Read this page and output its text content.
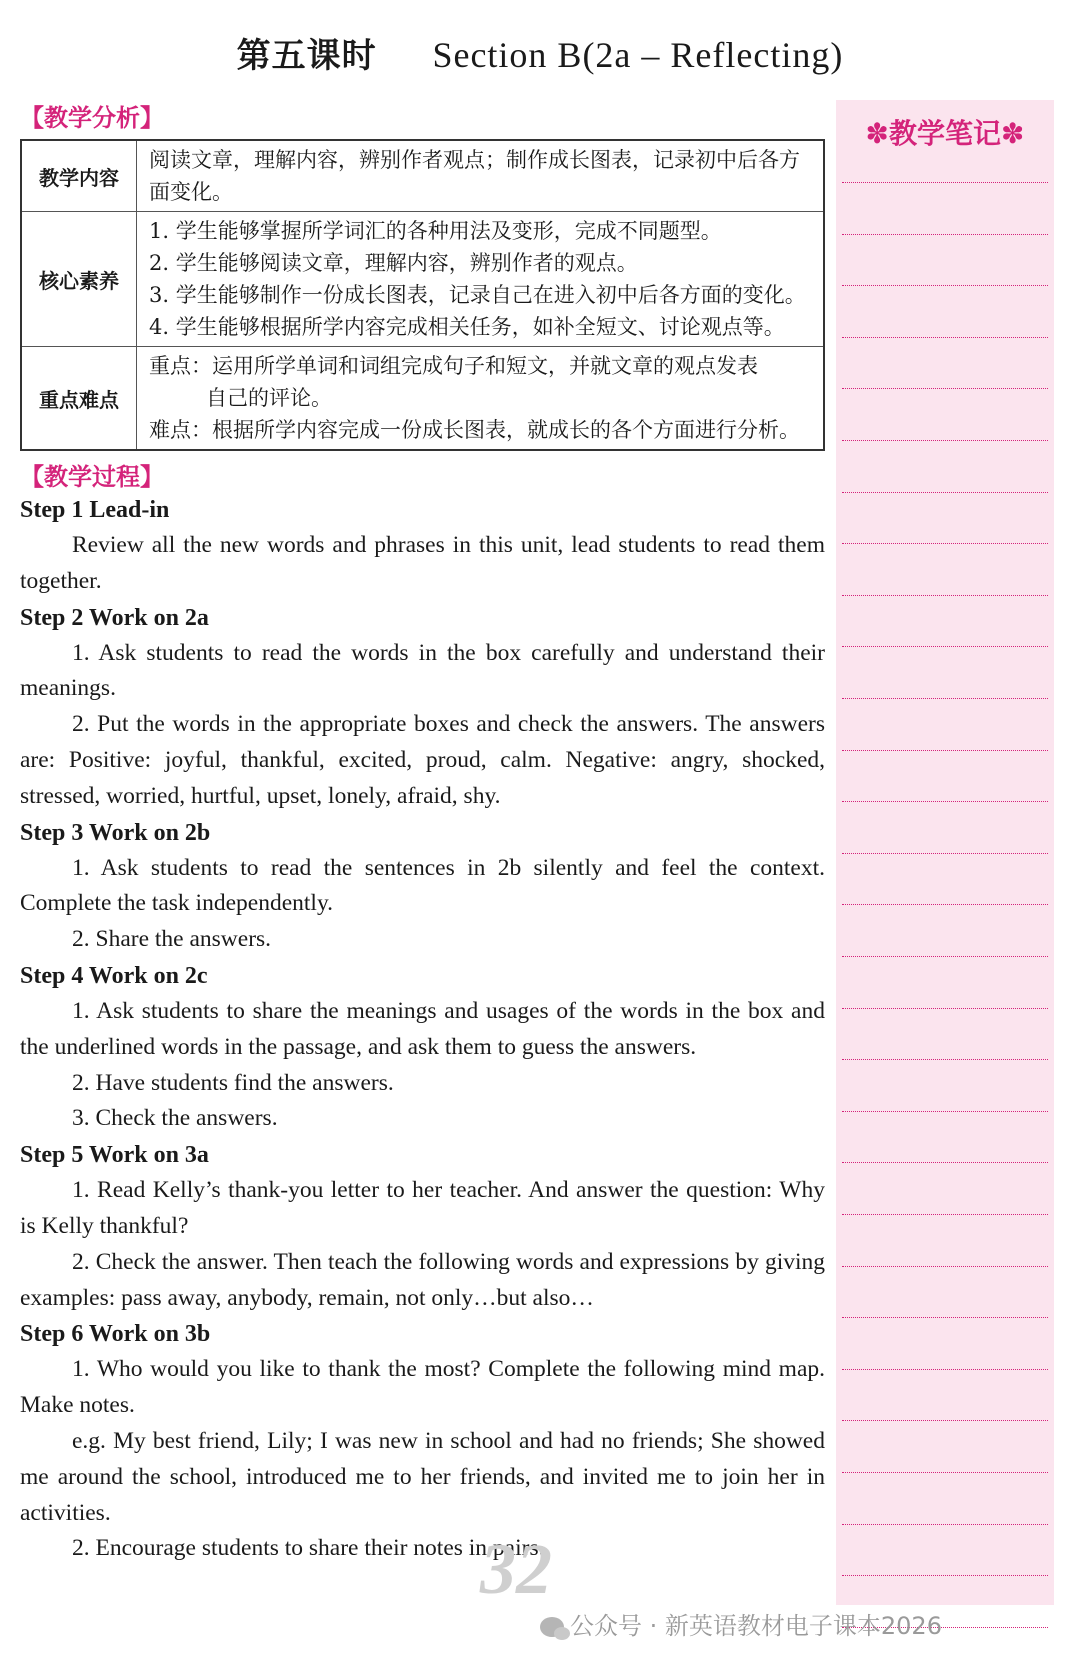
第五课时 Section B(2a – Reflecting)
【教学分析】
教学内容	阅读文章，理解内容，辨别作者观点；制作成长图表，记录初中后各方面变化。

核心素养	1. 学生能够掌握所学词汇的各种用法及变形，完成不同题型。
2. 学生能够阅读文章，理解内容，辨别作者的观点。
3. 学生能够制作一份成长图表，记录自己在进入初中后各方面的变化。
4. 学生能够根据所学内容完成相关任务，如补全短文、讨论观点等。

重点难点	重点：运用所学单词和词组完成句子和短文，并就文章的观点发表
自己的评论。
难点：根据所学内容完成一份成长图表，就成长的各个方面进行分析。
【教学过程】
Step 1 Lead-in

Review all the new words and phrases in this unit, lead students to read them together.

Step 2 Work on 2a

1. Ask students to read the words in the box carefully and understand their meanings.

2. Put the words in the appropriate boxes and check the answers. The answers are: Positive: joyful, thankful, excited, proud, calm. Negative: angry, shocked, stressed, worried, hurtful, upset, lonely, afraid, shy.

Step 3 Work on 2b

1. Ask students to read the sentences in 2b silently and feel the context. Complete the task independently.

2. Share the answers.

Step 4 Work on 2c

1. Ask students to share the meanings and usages of the words in the box and the underlined words in the passage, and ask them to guess the answers.

2. Have students find the answers.

3. Check the answers.

Step 5 Work on 3a

1. Read Kelly’s thank-you letter to her teacher. And answer the question: Why is Kelly thankful?

2. Check the answer. Then teach the following words and expressions by giving examples: pass away, anybody, remain, not only…but also…

Step 6 Work on 3b

1. Who would you like to thank the most? Complete the following mind map. Make notes.

e.g. My best friend, Lily; I was new in school and had no friends; She showed me around the school, introduced me to her friends, and invited me to join her in activities.

2. Encourage students to share their notes in pairs.

✽教学笔记✽
32
公众号 · 新英语教材电子课本2026
